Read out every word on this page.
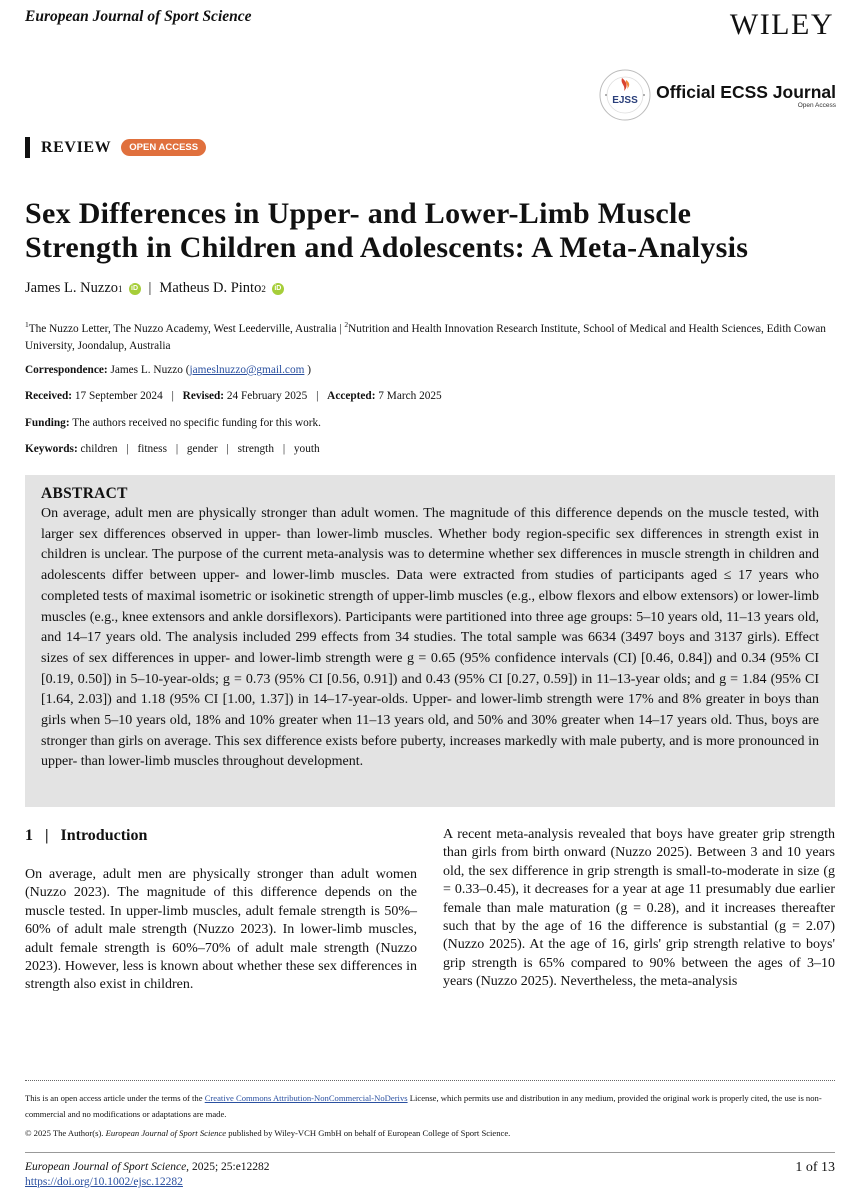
European Journal of Sport Science	WILEY
EJSS Official ECSS Journal
Open Access
REVIEW	OPEN ACCESS
Sex Differences in Upper- and Lower-Limb Muscle
Strength in Children and Adolescents: A Meta-Analysis
James L. Nuzzo 1	iD | Matheus D. Pinto 2	iD
$^1$The Nuzzo Letter, The Nuzzo Academy, West Leederville, Australia | $^2$Nutrition and Health Innovation Research Institute, School of Medical and Health Sciences, Edith Cowan University, Joondalup, Australia
Correspondence: James L. Nuzzo (jameslnuzzo@gmail.com )
Received: 17 September 2024 | Revised: 24 February 2025 | Accepted: 7 March 2025
Funding: The authors received no specific funding for this work.
Keywords: children | fitness | gender | strength | youth
ABSTRACT

On average, adult men are physically stronger than adult women. The magnitude of this difference depends on the muscle tested, with larger sex differences observed in upper- than lower-limb muscles. Whether body region-specific sex differences in strength exist in children is unclear. The purpose of the current meta-analysis was to determine whether sex differences in muscle strength in children and adolescents differ between upper- and lower-limb muscles. Data were extracted from studies of participants aged ≤ 17 years who completed tests of maximal isometric or isokinetic strength of upper-limb muscles (e.g., elbow flexors and elbow extensors) or lower-limb muscles (e.g., knee extensors and ankle dorsiflexors). Participants were partitioned into three age groups: 5–10 years old, 11–13 years old, and 14–17 years old. The analysis included 299 effects from 34 studies. The total sample was 6634 (3497 boys and 3137 girls). Effect sizes of sex differences in upper- and lower-limb strength were g = 0.65 (95% confidence intervals (CI) [0.46, 0.84]) and 0.34 (95% CI [0.19, 0.50]) in 5–10-year-olds; g = 0.73 (95% CI [0.56, 0.91]) and 0.43 (95% CI [0.27, 0.59]) in 11–13-year olds; and g = 1.84 (95% CI [1.64, 2.03]) and 1.18 (95% CI [1.00, 1.37]) in 14–17-year-olds. Upper- and lower-limb strength were 17% and 8% greater in boys than girls when 5–10 years old, 18% and 10% greater when 11–13 years old, and 50% and 30% greater when 14–17 years old. Thus, boys are stronger than girls on average. This sex difference exists before puberty, increases markedly with male puberty, and is more pronounced in upper- than lower-limb muscles throughout development.

1   |   Introduction

On average, adult men are physically stronger than adult women (Nuzzo 2023). The magnitude of this difference depends on the muscle tested. In upper-limb muscles, adult female strength is 50%–60% of adult male strength (Nuzzo 2023). In lower-limb muscles, adult female strength is 60%–70% of adult male strength (Nuzzo 2023). However, less is known about whether these sex differences in strength also exist in children.

A recent meta-analysis revealed that boys have greater grip strength than girls from birth onward (Nuzzo 2025). Between 3 and 10 years old, the sex difference in grip strength is small-to-moderate in size (g = 0.33–0.45), it decreases for a year at age 11 presumably due earlier female than male maturation (g = 0.28), and it increases thereafter such that by the age of 16 the difference is substantial (g = 2.07) (Nuzzo 2025). At the age of 16, girls' grip strength relative to boys' grip strength is 65% compared to 90% between the ages of 3–10 years (Nuzzo 2025). Nevertheless, the meta-analysis

This is an open access article under the terms of the Creative Commons Attribution-NonCommercial-NoDerivs License, which permits use and distribution in any medium, provided the original work is properly cited, the use is non-commercial and no modifications or adaptations are made.
© 2025 The Author(s). European Journal of Sport Science published by Wiley-VCH GmbH on behalf of European College of Sport Science.
European Journal of Sport Science, 2025; 25:e12282
https://doi.org/10.1002/ejsc.12282
1 of 13
